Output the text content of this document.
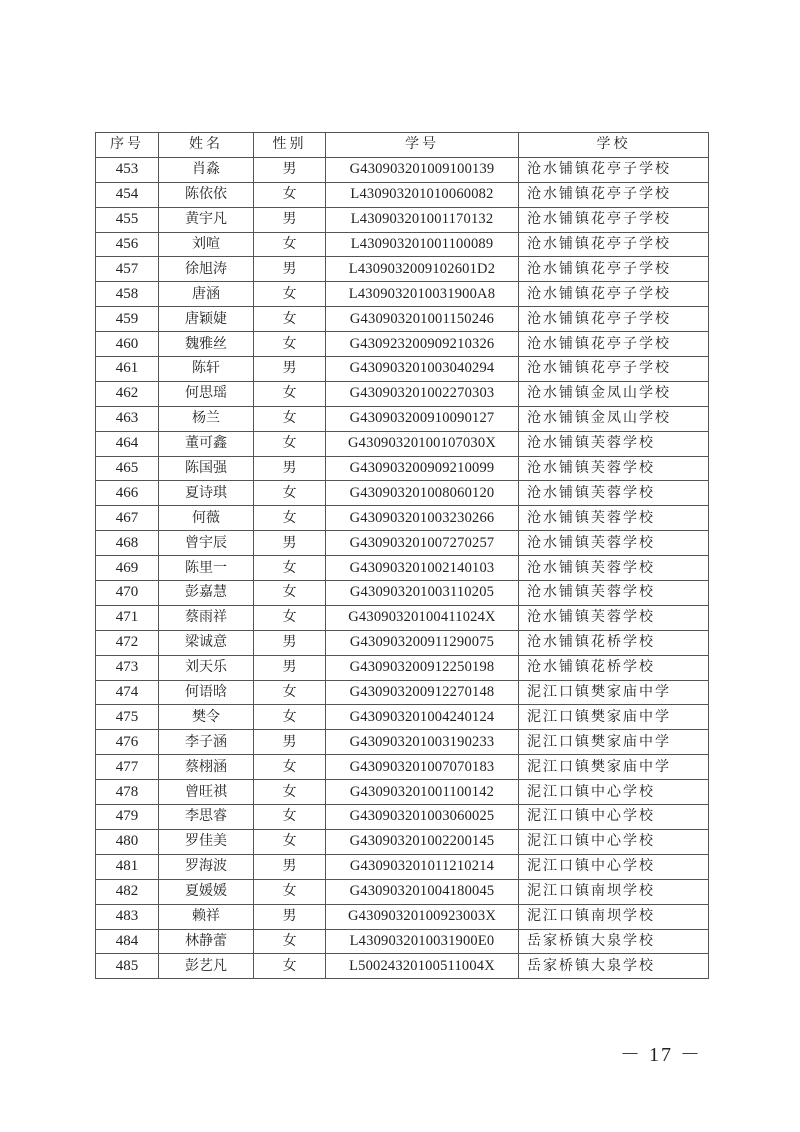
序号	姓名	性别	学号	学校
453	肖淼	男	G430903201009100139	沧水铺镇花亭子学校
454	陈依依	女	L430903201010060082	沧水铺镇花亭子学校
455	黄宇凡	男	L430903201001170132	沧水铺镇花亭子学校
456	刘喧	女	L430903201001100089	沧水铺镇花亭子学校
457	徐旭涛	男	L4309032009102601D2	沧水铺镇花亭子学校
458	唐涵	女	L4309032010031900A8	沧水铺镇花亭子学校
459	唐颖婕	女	G430903201001150246	沧水铺镇花亭子学校
460	魏雅丝	女	G430923200909210326	沧水铺镇花亭子学校
461	陈轩	男	G430903201003040294	沧水铺镇花亭子学校
462	何思瑶	女	G430903201002270303	沧水铺镇金凤山学校
463	杨兰	女	G430903200910090127	沧水铺镇金凤山学校
464	董可鑫	女	G43090320100107030X	沧水铺镇芙蓉学校
465	陈国强	男	G430903200909210099	沧水铺镇芙蓉学校
466	夏诗琪	女	G430903201008060120	沧水铺镇芙蓉学校
467	何薇	女	G430903201003230266	沧水铺镇芙蓉学校
468	曾宇辰	男	G430903201007270257	沧水铺镇芙蓉学校
469	陈里一	女	G430903201002140103	沧水铺镇芙蓉学校
470	彭嘉慧	女	G430903201003110205	沧水铺镇芙蓉学校
471	蔡雨祥	女	G43090320100411024X	沧水铺镇芙蓉学校
472	梁诚意	男	G430903200911290075	沧水铺镇花桥学校
473	刘天乐	男	G430903200912250198	沧水铺镇花桥学校
474	何语晗	女	G430903200912270148	泥江口镇樊家庙中学
475	樊令	女	G430903201004240124	泥江口镇樊家庙中学
476	李子涵	男	G430903201003190233	泥江口镇樊家庙中学
477	蔡栩涵	女	G430903201007070183	泥江口镇樊家庙中学
478	曾旺祺	女	G430903201001100142	泥江口镇中心学校
479	李思睿	女	G430903201003060025	泥江口镇中心学校
480	罗佳美	女	G430903201002200145	泥江口镇中心学校
481	罗海波	男	G430903201011210214	泥江口镇中心学校
482	夏媛媛	女	G430903201004180045	泥江口镇南坝学校
483	赖祥	男	G43090320100923003X	泥江口镇南坝学校
484	林静蕾	女	L4309032010031900E0	岳家桥镇大泉学校
485	彭艺凡	女	L50024320100511004X	岳家桥镇大泉学校
－ 17 －
